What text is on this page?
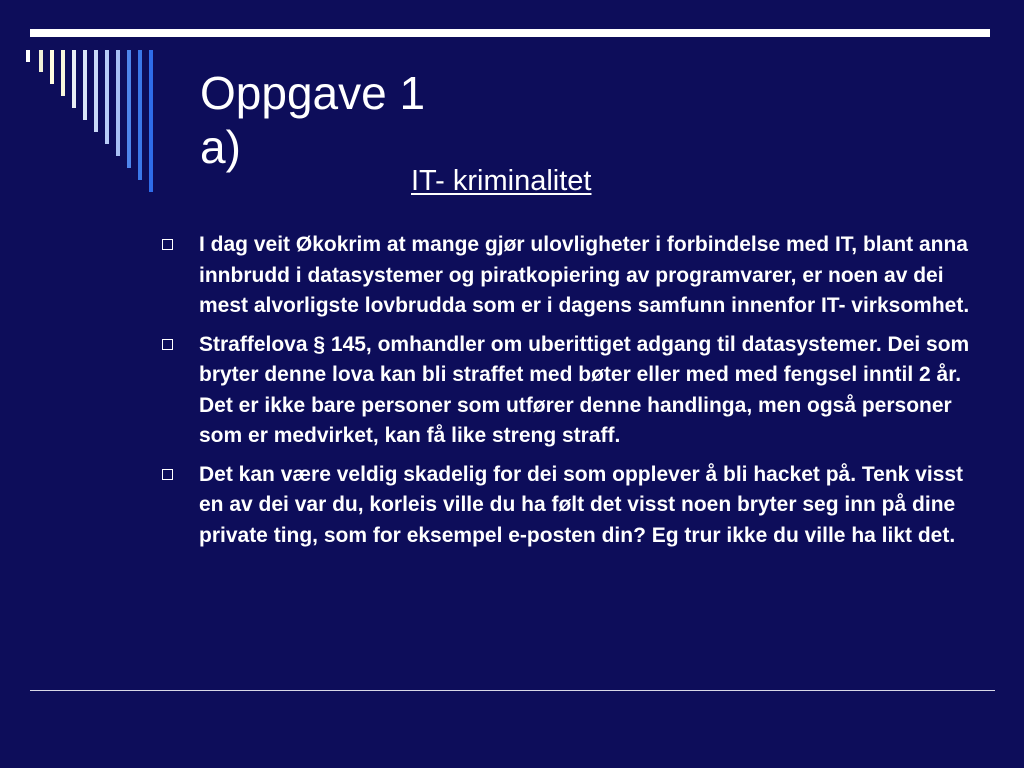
Oppgave 1
a)
IT- kriminalitet
I dag veit Økokrim at mange gjør ulovligheter i forbindelse med IT, blant anna innbrudd i datasystemer og piratkopiering av programvarer, er noen av dei mest alvorligste lovbrudda som er i dagens samfunn innenfor IT- virksomhet.
Straffelova § 145, omhandler om uberittiget adgang til datasystemer. Dei som bryter denne lova kan bli straffet med bøter eller med med fengsel inntil 2 år. Det er ikke bare personer som utfører denne handlinga, men også personer som er medvirket, kan få like streng straff.
Det kan være veldig skadelig for dei som opplever å bli hacket på. Tenk visst en av dei var du, korleis ville du ha følt det visst noen bryter seg inn på dine private ting, som for eksempel e-posten din? Eg trur ikke du ville ha likt det.
